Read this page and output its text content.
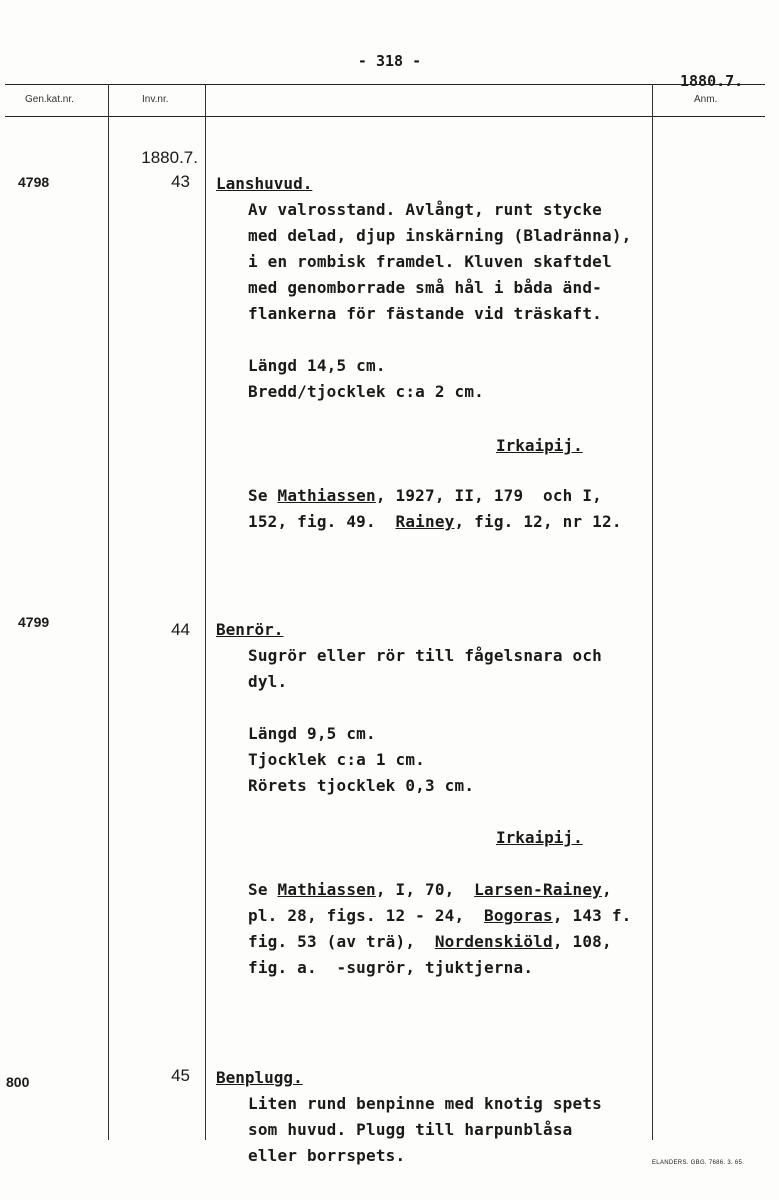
- 318 -
1880.7.
Gen.kat.nr.	Inv.nr.	Anm.
1880.7.
4798	43 Lanshuvud.
Av valrosstand. Avlångt, runt stycke
med delad, djup inskärning (Bladränna),
i en rombisk framdel. Kluven skaftdel
med genomborrade små hål i båda änd-
flankerna för fästande vid träskaft.
Längd 14,5 cm.
Bredd/tjocklek c:a 2 cm.
Irkaipij.
Se Mathiassen, 1927, II, 179  och I,
152, fig. 49.  Rainey, fig. 12, nr 12.
4799	44 Benrör.
Sugrör eller rör till fågelsnara och
dyl.
Längd 9,5 cm.
Tjocklek c:a 1 cm.
Rörets tjocklek 0,3 cm.
Irkaipij.
Se Mathiassen, I, 70,  Larsen-Rainey,
pl. 28, figs. 12 - 24,  Bogoras, 143 f.
fig. 53 (av trä),  Nordenskiöld, 108,
fig. a.  -sugrör, tjuktjerna.
800	45 Benplugg.
Liten rund benpinne med knotig spets
som huvud. Plugg till harpunblåsa
eller borrspets.	ELANDERS. GBG. 7686. 3. 65.
